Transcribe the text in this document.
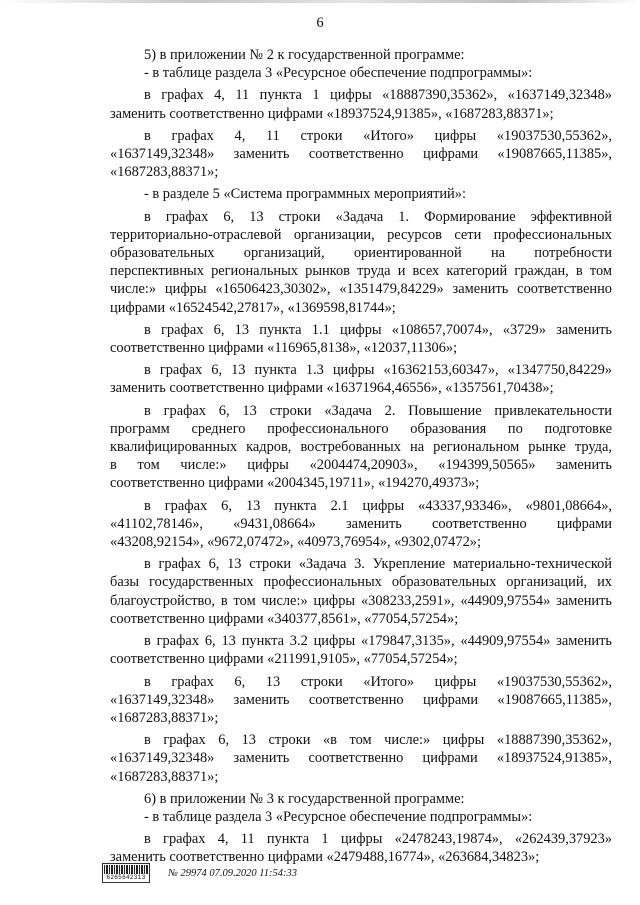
6

5) в приложении № 2 к государственной программе:

- в таблице раздела 3 «Ресурсное обеспечение подпрограммы»:

в графах 4, 11 пункта 1 цифры «18887390,35362», «1637149,32348»

заменить соответственно цифрами «18937524,91385», «1687283,88371»;

в графах 4, 11 строки «Итого» цифры «19037530,55362»,

«1637149,32348» заменить соответственно цифрами «19087665,11385»,

«1687283,88371»;

- в разделе 5 «Система программных мероприятий»:

в графах 6, 13 строки «Задача 1. Формирование эффективной

территориально-отраслевой организации, ресурсов сети профессиональных

образовательных организаций, ориентированной на потребности

перспективных региональных рынков труда и всех категорий граждан, в том

числе:» цифры «16506423,30302», «1351479,84229» заменить соответственно

цифрами «16524542,27817», «1369598,81744»;

в графах 6, 13 пункта 1.1 цифры «108657,70074», «3729» заменить

соответственно цифрами «116965,8138», «12037,11306»;

в графах 6, 13 пункта 1.3 цифры «16362153,60347», «1347750,84229»

заменить соответственно цифрами «16371964,46556», «1357561,70438»;

в графах 6, 13 строки «Задача 2. Повышение привлекательности

программ среднего профессионального образования по подготовке

квалифицированных кадров, востребованных на региональном рынке труда,

в том числе:» цифры «2004474,20903», «194399,50565» заменить

соответственно цифрами «2004345,19711», «194270,49373»;

в графах 6, 13 пункта 2.1 цифры «43337,93346», «9801,08664»,

«41102,78146», «9431,08664» заменить соответственно цифрами

«43208,92154», «9672,07472», «40973,76954», «9302,07472»;

в графах 6, 13 строки «Задача 3. Укрепление материально-технической

базы государственных профессиональных образовательных организаций, их

благоустройство, в том числе:» цифры «308233,2591», «44909,97554» заменить

соответственно цифрами «340377,8561», «77054,57254»;

в графах 6, 13 пункта 3.2 цифры «179847,3135», «44909,97554» заменить

соответственно цифрами «211991,9105», «77054,57254»;

в графах 6, 13 строки «Итого» цифры «19037530,55362»,

«1637149,32348» заменить соответственно цифрами «19087665,11385»,

«1687283,88371»;

в графах 6, 13 строки «в том числе:» цифры «18887390,35362»,

«1637149,32348» заменить соответственно цифрами «18937524,91385»,

«1687283,88371»;

6) в приложении № 3 к государственной программе:

- в таблице раздела 3 «Ресурсное обеспечение подпрограммы»:

в графах 4, 11 пункта 1 цифры «2478243,19874», «262439,37923»

заменить соответственно цифрами «2479488,16774», «263684,34823»;

6265642313 № 29974 07.09.2020 11:54:33
